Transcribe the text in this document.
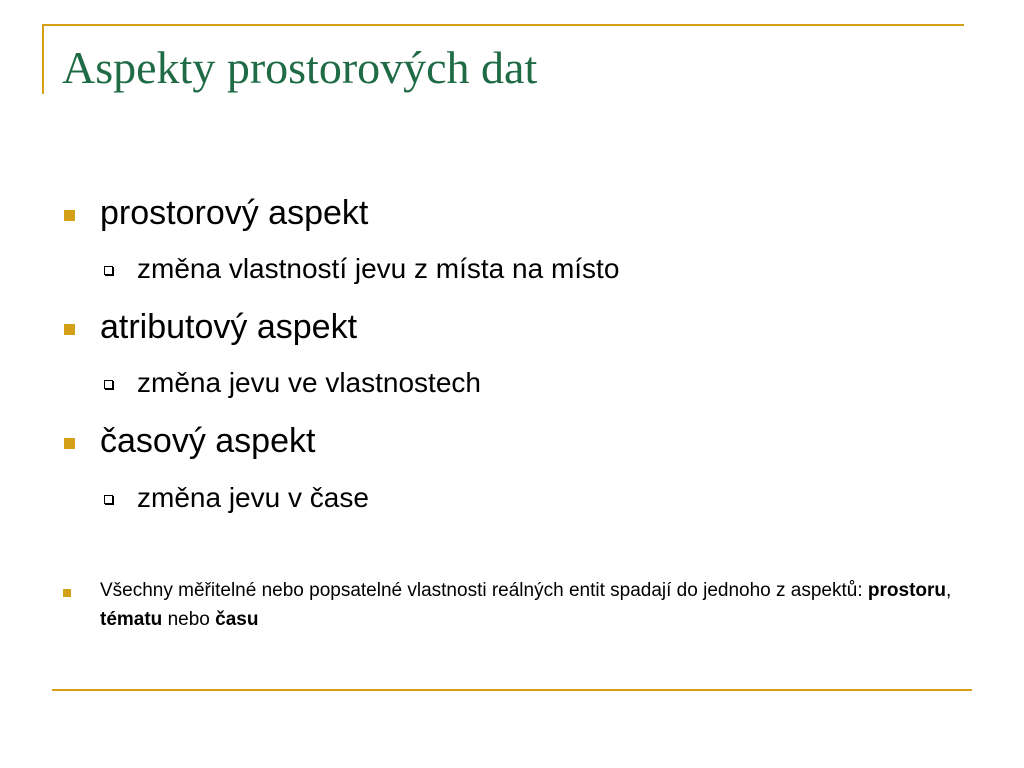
Aspekty prostorových dat
prostorový aspekt
změna vlastností jevu z místa na místo
atributový aspekt
změna jevu ve vlastnostech
časový aspekt
změna jevu v čase

Všechny měřitelné nebo popsatelné vlastnosti reálných entit spadají do jednoho z aspektů: prostoru, tématu nebo času
